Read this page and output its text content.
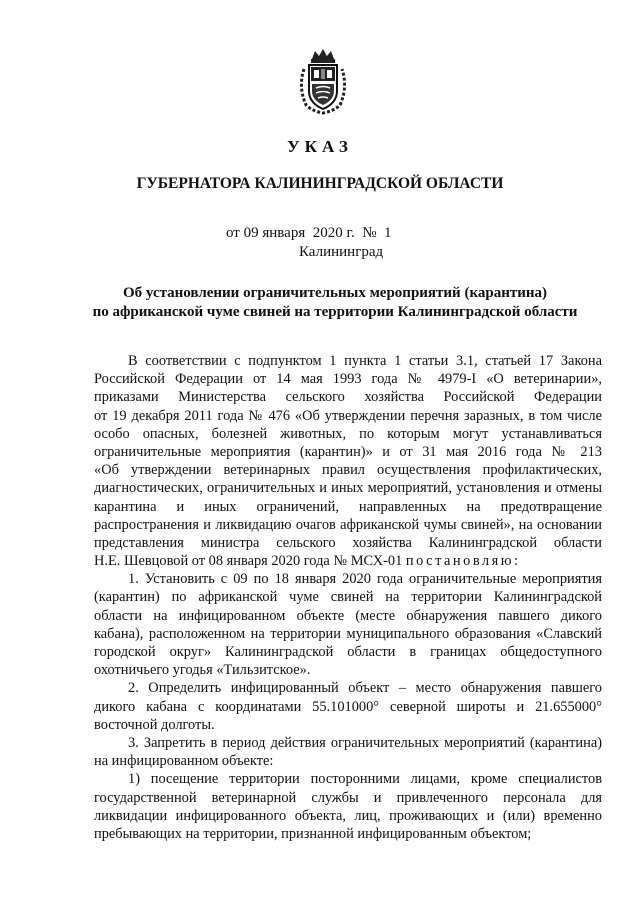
УКАЗ
ГУБЕРНАТОРА КАЛИНИНГРАДСКОЙ ОБЛАСТИ
от 09 января 2020 г. № 1
Калининград
Об установлении ограничительных мероприятий (карантина)
по африканской чуме свиней на территории Калининградской области
В соответствии с подпунктом 1 пункта 1 статьи 3.1, статьей 17 Закона
Российской Федерации от 14 мая 1993 года № 4979-I «О ветеринарии»,
приказами Министерства сельского хозяйства Российской Федерации
от 19 декабря 2011 года № 476 «Об утверждении перечня заразных, в том числе
особо опасных, болезней животных, по которым могут устанавливаться
ограничительные мероприятия (карантин)» и от 31 мая 2016 года № 213
«Об утверждении ветеринарных правил осуществления профилактических,
диагностических, ограничительных и иных мероприятий, установления и отмены
карантина и иных ограничений, направленных на предотвращение
распространения и ликвидацию очагов африканской чумы свиней», на основании
представления министра сельского хозяйства Калининградской области
Н.Е. Шевцовой от 08 января 2020 года № МСХ-01 постановляю:
1. Установить с 09 по 18 января 2020 года ограничительные мероприятия
(карантин) по африканской чуме свиней на территории Калининградской
области на инфицированном объекте (месте обнаружения павшего дикого
кабана), расположенном на территории муниципального образования «Славский
городской округ» Калининградской области в границах общедоступного
охотничьего угодья «Тильзитское».
2. Определить инфицированный объект – место обнаружения павшего
дикого кабана с координатами 55.101000° северной широты и 21.655000°
восточной долготы.
3. Запретить в период действия ограничительных мероприятий (карантина)
на инфицированном объекте:
1) посещение территории посторонними лицами, кроме специалистов
государственной ветеринарной службы и привлеченного персонала для
ликвидации инфицированного объекта, лиц, проживающих и (или) временно
пребывающих на территории, признанной инфицированным объектом;
